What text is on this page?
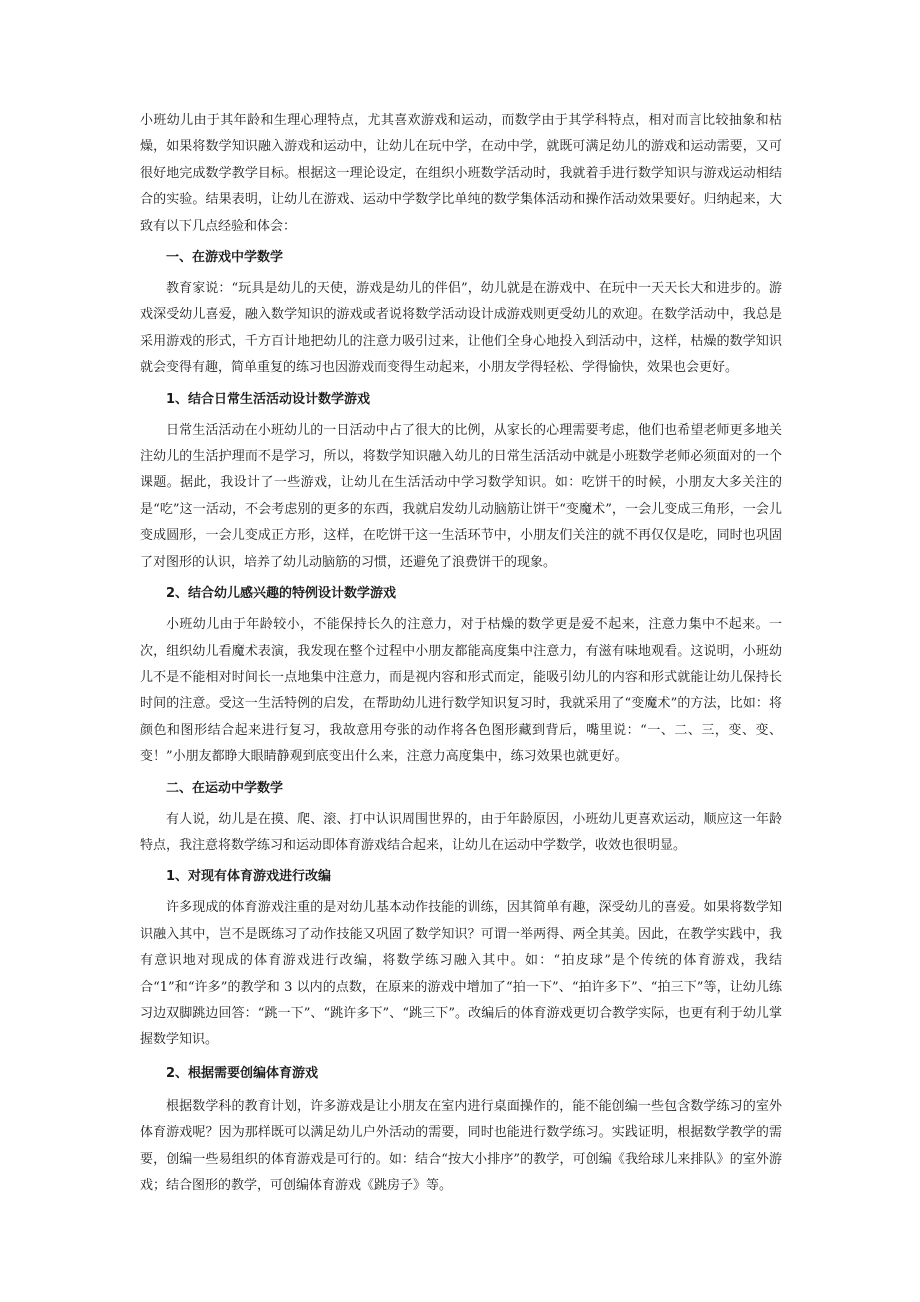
小班幼儿由于其年龄和生理心理特点，尤其喜欢游戏和运动，而数学由于其学科特点，相对而言比较抽象和枯燥，如果将数学知识融入游戏和运动中，让幼儿在玩中学，在动中学，就既可满足幼儿的游戏和运动需要，又可很好地完成数学教学目标。根据这一理论设定，在组织小班数学活动时，我就着手进行数学知识与游戏运动相结合的实验。结果表明，让幼儿在游戏、运动中学数学比单纯的数学集体活动和操作活动效果要好。归纳起来，大致有以下几点经验和体会：

一、在游戏中学数学

教育家说：“玩具是幼儿的天使，游戏是幼儿的伴侣”，幼儿就是在游戏中、在玩中一天天长大和进步的。游戏深受幼儿喜爱，融入数学知识的游戏或者说将数学活动设计成游戏则更受幼儿的欢迎。在数学活动中，我总是采用游戏的形式，千方百计地把幼儿的注意力吸引过来，让他们全身心地投入到活动中，这样，枯燥的数学知识就会变得有趣，简单重复的练习也因游戏而变得生动起来，小朋友学得轻松、学得愉快，效果也会更好。

1、结合日常生活活动设计数学游戏

日常生活活动在小班幼儿的一日活动中占了很大的比例，从家长的心理需要考虑，他们也希望老师更多地关注幼儿的生活护理而不是学习，所以，将数学知识融入幼儿的日常生活活动中就是小班数学老师必须面对的一个课题。据此，我设计了一些游戏，让幼儿在生活活动中学习数学知识。如：吃饼干的时候，小朋友大多关注的是“吃”这一活动，不会考虑别的更多的东西，我就启发幼儿动脑筋让饼干“变魔术”，一会儿变成三角形，一会儿变成圆形，一会儿变成正方形，这样，在吃饼干这一生活环节中，小朋友们关注的就不再仅仅是吃，同时也巩固了对图形的认识，培养了幼儿动脑筋的习惯，还避免了浪费饼干的现象。

2、结合幼儿感兴趣的特例设计数学游戏

小班幼儿由于年龄较小，不能保持长久的注意力，对于枯燥的数学更是爱不起来，注意力集中不起来。一次，组织幼儿看魔术表演，我发现在整个过程中小朋友都能高度集中注意力，有滋有味地观看。这说明，小班幼儿不是不能相对时间长一点地集中注意力，而是视内容和形式而定，能吸引幼儿的内容和形式就能让幼儿保持长时间的注意。受这一生活特例的启发，在帮助幼儿进行数学知识复习时，我就采用了“变魔术”的方法，比如：将颜色和图形结合起来进行复习，我故意用夸张的动作将各色图形藏到背后，嘴里说：“一、二、三，变、变、变！”小朋友都睁大眼睛静观到底变出什么来，注意力高度集中，练习效果也就更好。

二、在运动中学数学

有人说，幼儿是在摸、爬、滚、打中认识周围世界的，由于年龄原因，小班幼儿更喜欢运动，顺应这一年龄特点，我注意将数学练习和运动即体育游戏结合起来，让幼儿在运动中学数学，收效也很明显。

1、对现有体育游戏进行改编

许多现成的体育游戏注重的是对幼儿基本动作技能的训练，因其简单有趣，深受幼儿的喜爱。如果将数学知识融入其中，岂不是既练习了动作技能又巩固了数学知识？可谓一举两得、两全其美。因此，在教学实践中，我有意识地对现成的体育游戏进行改编，将数学练习融入其中。如：“拍皮球”是个传统的体育游戏，我结合“1”和“许多”的教学和 3 以内的点数，在原来的游戏中增加了“拍一下”、“拍许多下”、“拍三下”等，让幼儿练习边双脚跳边回答：“跳一下”、“跳许多下”、“跳三下”。改编后的体育游戏更切合教学实际，也更有利于幼儿掌握数学知识。

2、根据需要创编体育游戏

根据数学科的教育计划，许多游戏是让小朋友在室内进行桌面操作的，能不能创编一些包含数学练习的室外体育游戏呢？因为那样既可以满足幼儿户外活动的需要，同时也能进行数学练习。实践证明，根据数学教学的需要，创编一些易组织的体育游戏是可行的。如：结合“按大小排序”的教学，可创编《我给球儿来排队》的室外游戏；结合图形的教学，可创编体育游戏《跳房子》等。
